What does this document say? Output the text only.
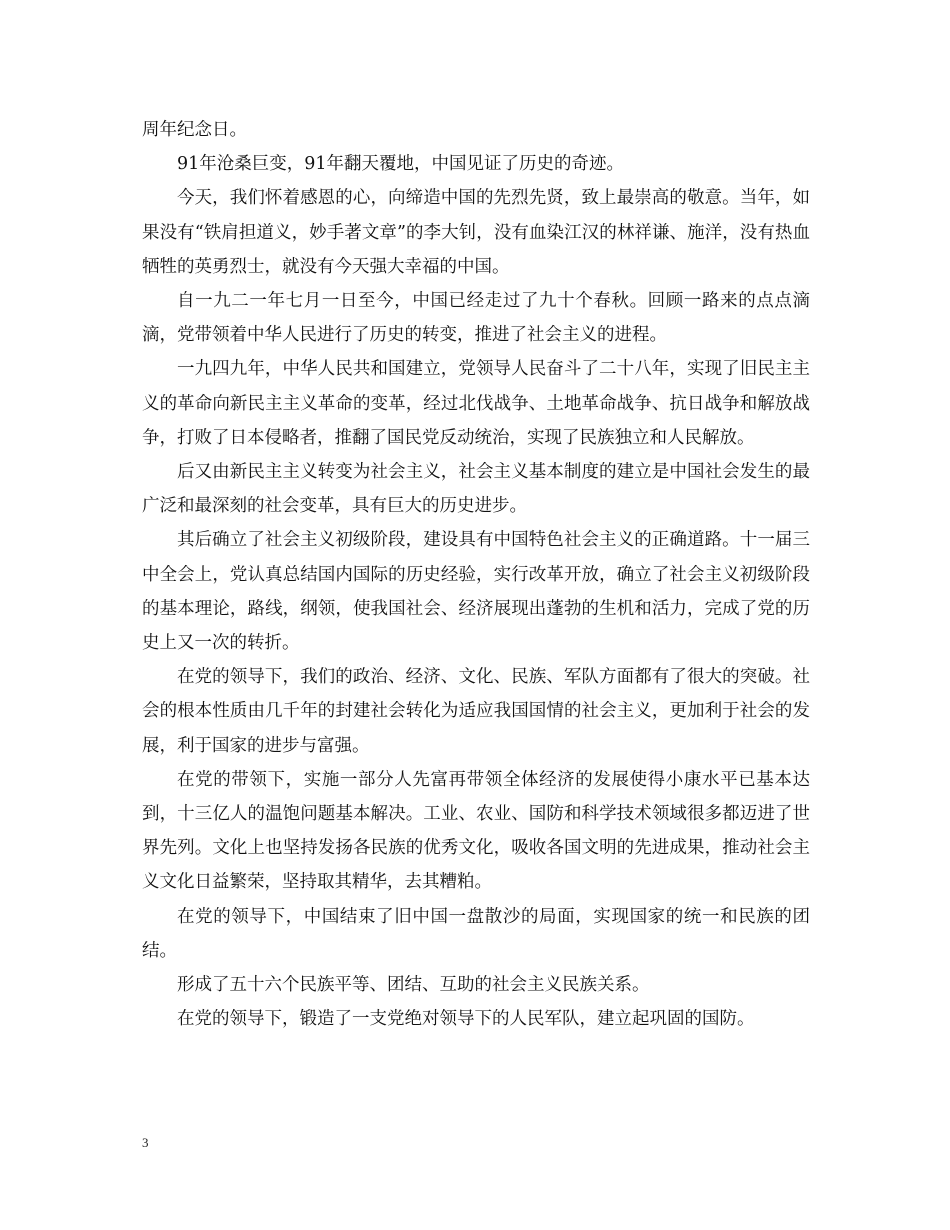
周年纪念日。

91年沧桑巨变，91年翻天覆地，中国见证了历史的奇迹。

今天，我们怀着感恩的心，向缔造中国的先烈先贤，致上最崇高的敬意。当年，如果没有“铁肩担道义，妙手著文章”的李大钊，没有血染江汉的林祥谦、施洋，没有热血牺牲的英勇烈士，就没有今天强大幸福的中国。

自一九二一年七月一日至今，中国已经走过了九十个春秋。回顾一路来的点点滴滴，党带领着中华人民进行了历史的转变，推进了社会主义的进程。

一九四九年，中华人民共和国建立，党领导人民奋斗了二十八年，实现了旧民主主义的革命向新民主主义革命的变革，经过北伐战争、土地革命战争、抗日战争和解放战争，打败了日本侵略者，推翻了国民党反动统治，实现了民族独立和人民解放。

后又由新民主主义转变为社会主义，社会主义基本制度的建立是中国社会发生的最广泛和最深刻的社会变革，具有巨大的历史进步。

其后确立了社会主义初级阶段，建设具有中国特色社会主义的正确道路。十一届三中全会上，党认真总结国内国际的历史经验，实行改革开放，确立了社会主义初级阶段的基本理论，路线，纲领，使我国社会、经济展现出蓬勃的生机和活力，完成了党的历史上又一次的转折。

在党的领导下，我们的政治、经济、文化、民族、军队方面都有了很大的突破。社会的根本性质由几千年的封建社会转化为适应我国国情的社会主义，更加利于社会的发展，利于国家的进步与富强。

在党的带领下，实施一部分人先富再带领全体经济的发展使得小康水平已基本达到，十三亿人的温饱问题基本解决。工业、农业、国防和科学技术领域很多都迈进了世界先列。文化上也坚持发扬各民族的优秀文化，吸收各国文明的先进成果，推动社会主义文化日益繁荣，坚持取其精华，去其糟粕。

在党的领导下，中国结束了旧中国一盘散沙的局面，实现国家的统一和民族的团结。

形成了五十六个民族平等、团结、互助的社会主义民族关系。

在党的领导下，锻造了一支党绝对领导下的人民军队，建立起巩固的国防。

3
